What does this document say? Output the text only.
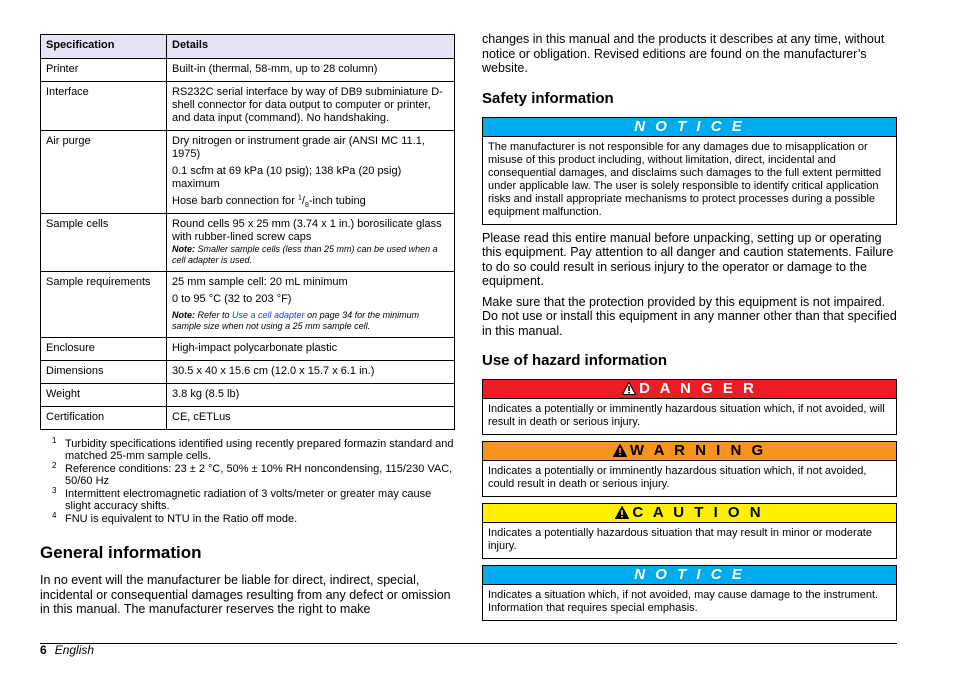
Specification	Details
Printer	Built-in (thermal, 58-mm, up to 28 column)

Interface	RS232C serial interface by way of DB9 subminiature D-shell connector for data output to computer or printer, and data input (command). No handshaking.

Air purge	Dry nitrogen or instrument grade air (ANSI MC 11.1, 1975)

0.1 scfm at 69 kPa (10 psig); 138 kPa (20 psig) maximum

Hose barb connection for $^1/_8$-inch tubing

Sample cells	Round cells 95 x 25 mm (3.74 x 1 in.) borosilicate glass with rubber-lined screw caps

Note: Smaller sample cells (less than 25 mm) can be used when a cell adapter is used.

Sample requirements	25 mm sample cell: 20 mL minimum

0 to 95 °C (32 to 203 °F)

Note: Refer to Use a cell adapter on page 34 for the minimum sample size when not using a 25 mm sample cell.

Enclosure	High-impact polycarbonate plastic

Dimensions	30.5 x 40 x 15.6 cm (12.0 x 15.7 x 6.1 in.)

Weight	3.8 kg (8.5 lb)

Certification	CE, cETLus

1 Turbidity specifications identified using recently prepared formazin standard and matched 25-mm sample cells.
2 Reference conditions: 23 ± 2 °C, 50% ± 10% RH noncondensing, 115/230 VAC, 50/60 Hz
3 Intermittent electromagnetic radiation of 3 volts/meter or greater may cause slight accuracy shifts.
4 FNU is equivalent to NTU in the Ratio off mode.
General information

In no event will the manufacturer be liable for direct, indirect, special, incidental or consequential damages resulting from any defect or omission in this manual. The manufacturer reserves the right to make

changes in this manual and the products it describes at any time, without notice or obligation. Revised editions are found on the manufacturer’s website.

Safety information
N O T I C E
The manufacturer is not responsible for any damages due to misapplication or misuse of this product including, without limitation, direct, incidental and consequential damages, and disclaims such damages to the full extent permitted under applicable law. The user is solely responsible to identify critical application risks and install appropriate mechanisms to protect processes during a possible equipment malfunction.

Please read this entire manual before unpacking, setting up or operating this equipment. Pay attention to all danger and caution statements. Failure to do so could result in serious injury to the operator or damage to the equipment.

Make sure that the protection provided by this equipment is not impaired. Do not use or install this equipment in any manner other than that specified in this manual.

Use of hazard information
D A N G E R
Indicates a potentially or imminently hazardous situation which, if not avoided, will result in death or serious injury.
W A R N I N G
Indicates a potentially or imminently hazardous situation which, if not avoided, could result in death or serious injury.
C A U T I O N
Indicates a potentially hazardous situation that may result in minor or moderate injury.
N O T I C E
Indicates a situation which, if not avoided, may cause damage to the instrument. Information that requires special emphasis.
6 English
